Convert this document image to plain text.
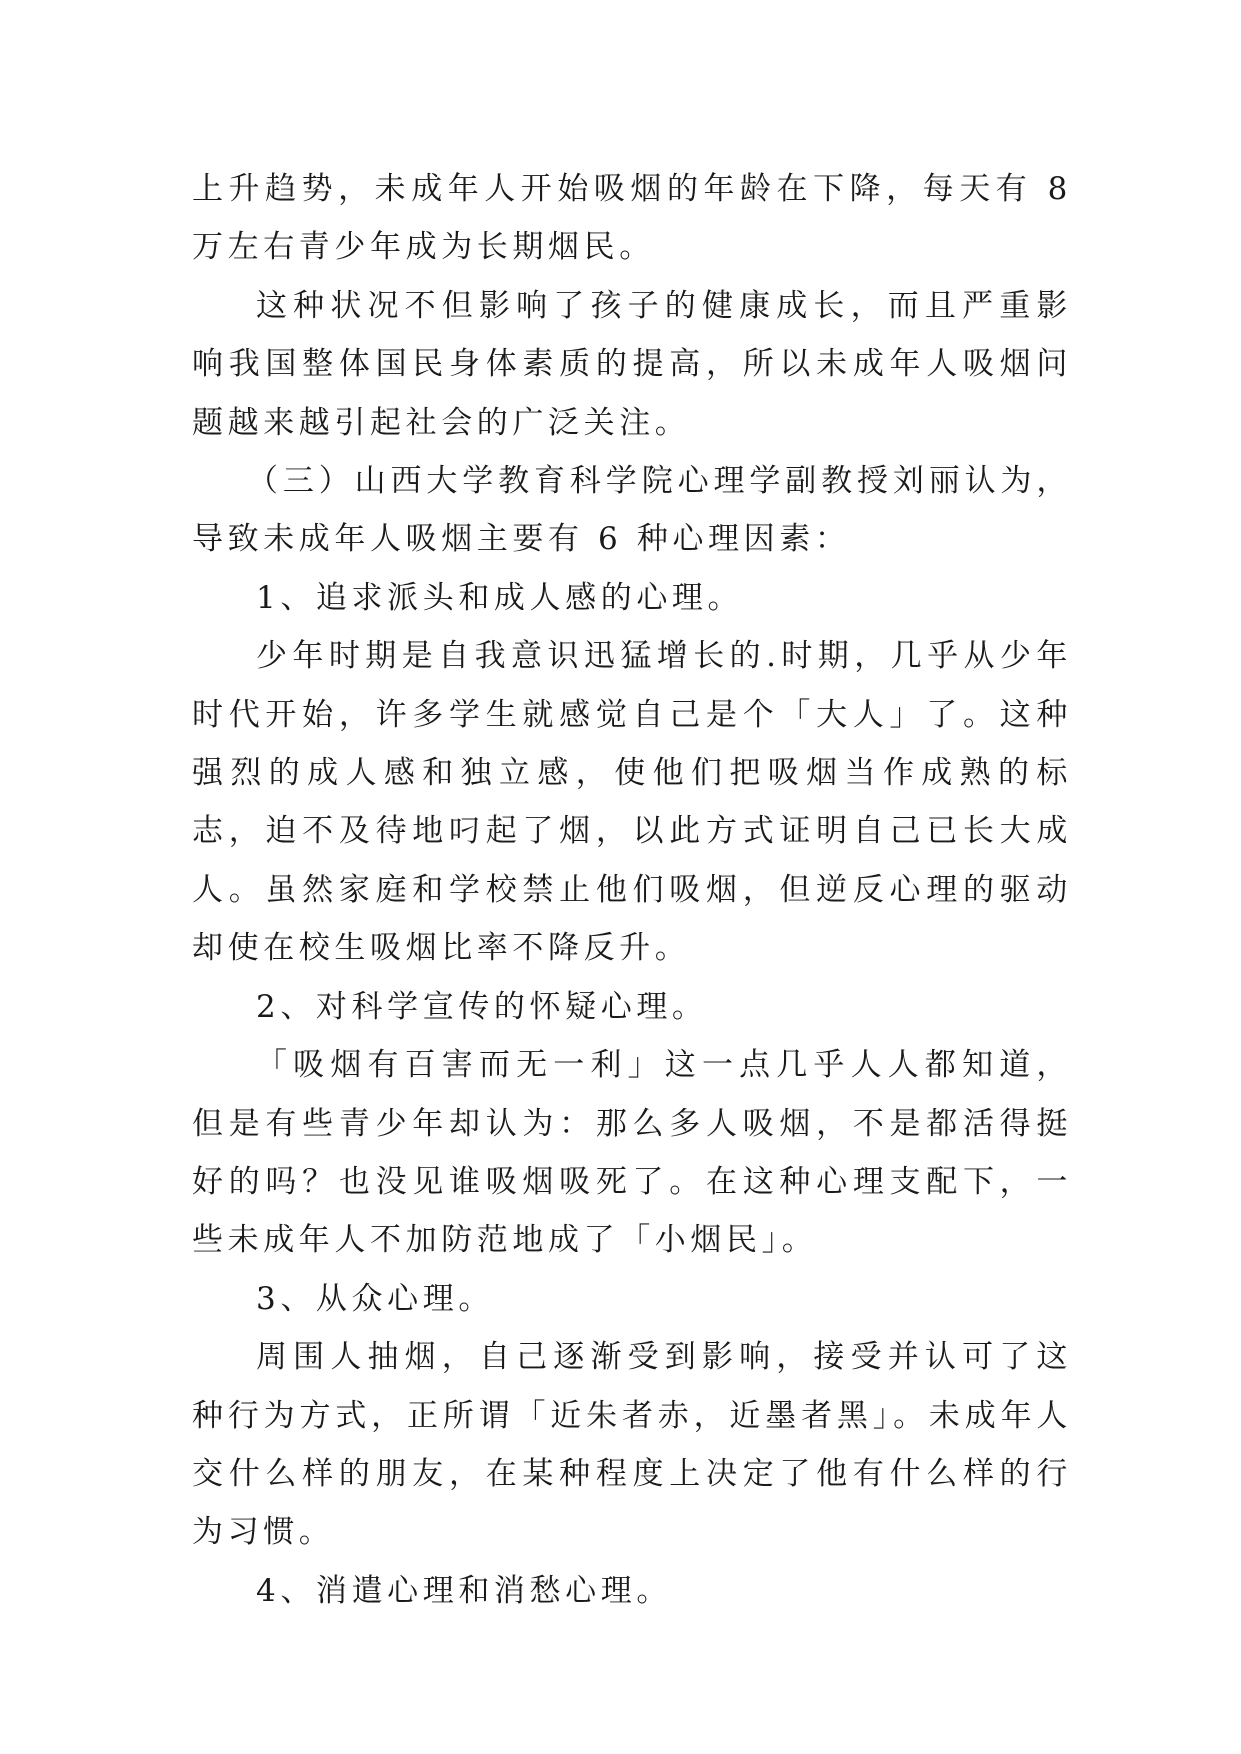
上升趋势，未成年人开始吸烟的年龄在下降，每天有 8 万左右青少年成为长期烟民。

这种状况不但影响了孩子的健康成长，而且严重影响我国整体国民身体素质的提高，所以未成年人吸烟问题越来越引起社会的广泛关注。

（三）山西大学教育科学院心理学副教授刘丽认为，导致未成年人吸烟主要有 6 种心理因素：

1、追求派头和成人感的心理。

少年时期是自我意识迅猛增长的.时期，几乎从少年时代开始，许多学生就感觉自己是个「大人」了。这种强烈的成人感和独立感，使他们把吸烟当作成熟的标志，迫不及待地叼起了烟，以此方式证明自己已长大成人。虽然家庭和学校禁止他们吸烟，但逆反心理的驱动却使在校生吸烟比率不降反升。

2、对科学宣传的怀疑心理。

「吸烟有百害而无一利」这一点几乎人人都知道，但是有些青少年却认为：那么多人吸烟，不是都活得挺好的吗？也没见谁吸烟吸死了。在这种心理支配下，一些未成年人不加防范地成了「小烟民」。

3、从众心理。

周围人抽烟，自己逐渐受到影响，接受并认可了这种行为方式，正所谓「近朱者赤，近墨者黑」。未成年人交什么样的朋友，在某种程度上决定了他有什么样的行为习惯。

4、消遣心理和消愁心理。
